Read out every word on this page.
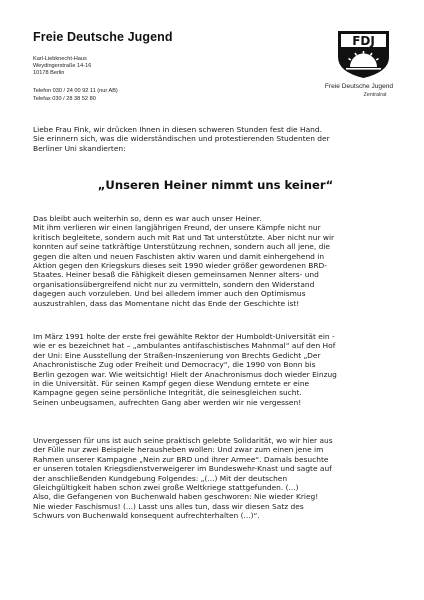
Freie Deutsche Jugend
Karl-Liebknecht-Haus
Weydingerstraße 14-16
10178 Berlin
Telefon 030 / 24 00 92 11 (nur AB)
Telefax 030 / 28 38 52 80
FDJ
Freie Deutsche Jugend
Zentralrat
Liebe Frau Fink, wir drücken Ihnen in diesen schweren Stunden fest die Hand.
Sie erinnern sich, was die widerständischen und protestierenden Studenten der
Berliner Uni skandierten:
„Unseren Heiner nimmt uns keiner“
Das bleibt auch weiterhin so, denn es war auch unser Heiner.
Mit ihm verlieren wir einen langjährigen Freund, der unsere Kämpfe nicht nur
kritisch begleitete, sondern auch mit Rat und Tat unterstützte. Aber nicht nur wir
konnten auf seine tatkräftige Unterstützung rechnen, sondern auch all jene, die
gegen die alten und neuen Faschisten aktiv waren und damit einhergehend in
Aktion gegen den Kriegskurs dieses seit 1990 wieder größer gewordenen BRD-
Staates. Heiner besaß die Fähigkeit diesen gemeinsamen Nenner alters- und
organisationsübergreifend nicht nur zu vermitteln, sondern den Widerstand
dagegen auch vorzuleben. Und bei alledem immer auch den Optimismus
auszustrahlen, dass das Momentane nicht das Ende der Geschichte ist!
Im März 1991 holte der erste frei gewählte Rektor der Humboldt-Universität ein -
wie er es bezeichnet hat – „ambulantes antifaschistisches Mahnmal“ auf den Hof
der Uni: Eine Ausstellung der Straßen-Inszenierung von Brechts Gedicht „Der
Anachronistische Zug oder Freiheit und Democracy“, die 1990 von Bonn bis
Berlin gezogen war. Wie weitsichtig! Hielt der Anachronismus doch wieder Einzug
in die Universität. Für seinen Kampf gegen diese Wendung erntete er eine
Kampagne gegen seine persönliche Integrität, die seinesgleichen sucht.
Seinen unbeugsamen, aufrechten Gang aber werden wir nie vergessen!
Unvergessen für uns ist auch seine praktisch gelebte Solidarität, wo wir hier aus
der Fülle nur zwei Beispiele herausheben wollen: Und zwar zum einen jene im
Rahmen unserer Kampagne „Nein zur BRD und ihrer Armee“. Damals besuchte
er unseren totalen Kriegsdienstverweigerer im Bundeswehr-Knast und sagte auf
der anschließenden Kundgebung Folgendes: „(...) Mit der deutschen
Gleichgültigkeit haben schon zwei große Weltkriege stattgefunden. (...)
Also, die Gefangenen von Buchenwald haben geschworen: Nie wieder Krieg!
Nie wieder Faschismus! (...) Lasst uns alles tun, dass wir diesen Satz des
Schwurs von Buchenwald konsequent aufrechterhalten (...)“.
